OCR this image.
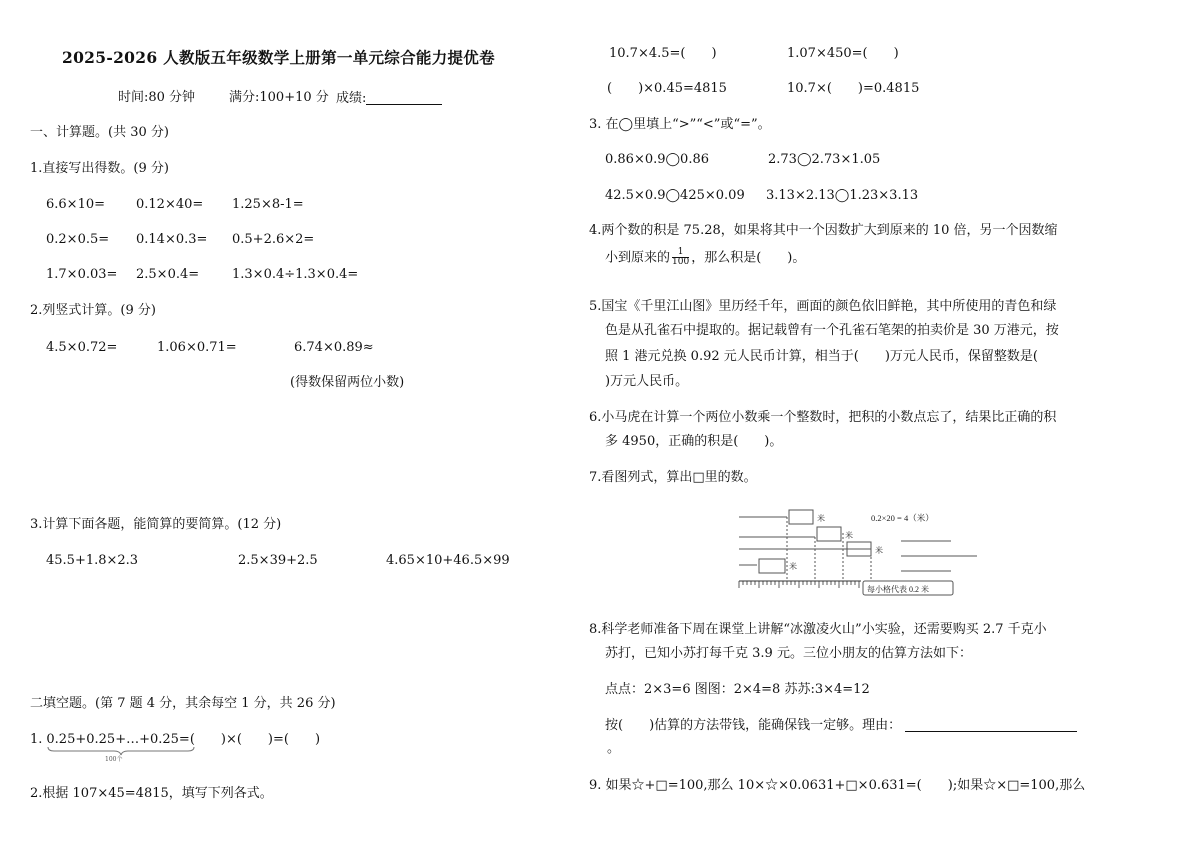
2025-2026 人教版五年级数学上册第一单元综合能力提优卷
时间:80 分钟	满分:100+10 分 成绩:
一、计算题。(共 30 分)
1.直接写出得数。(9 分)
6.6×10= 0.12×40= 1.25×8-1=
0.2×0.5= 0.14×0.3= 0.5+2.6×2=
1.7×0.03= 2.5×0.4=	1.3×0.4÷1.3×0.4=
2.列竖式计算。(9 分)
4.5×0.72=	1.06×0.71=	6.74×0.89≈
(得数保留两位小数)
3.计算下面各题，能简算的要简算。(12 分)
45.5+1.8×2.3	2.5×39+2.5	4.65×10+46.5×99
二填空题。(第 7 题 4 分，其余每空 1 分，共 26 分)
1. 0.25+0.25+…+0.25=(　　)×(　　)=(　　)
100个
2.根据 107×45=4815，填写下列各式。
10.7×4.5=(　　)	1.07×450=(　　)
(　　)×0.45=4815	10.7×(　　)=0.4815
3. 在◯里填上“>”“<”或“=”。
0.86×0.9◯0.86	2.73◯2.73×1.05
42.5×0.9◯425×0.09 3.13×2.13◯1.23×3.13
4.两个数的积是 75.28，如果将其中一个因数扩大到原来的 10 倍，另一个因数缩
小到原来的 $\frac{1}{100}$ ，那么积是(　　)。
5.国宝《千里江山图》里历经千年，画面的颜色依旧鲜艳，其中所使用的青色和绿
色是从孔雀石中提取的。据记载曾有一个孔雀石笔架的拍卖价是 30 万港元，按
照 1 港元兑换 0.92 元人民币计算，相当于(　　)万元人民币，保留整数是(
)万元人民币。
6.小马虎在计算一个两位小数乘一个整数时，把积的小数点忘了，结果比正确的积
多 4950，正确的积是(　　)。
7.看图列式，算出□里的数。
米
米
米
米
0.2×20 = 4（米）
每小格代表 0.2 米
8.科学老师准备下周在课堂上讲解“冰激凌火山”小实验，还需要购买 2.7 千克小
苏打，已知小苏打每千克 3.9 元。三位小朋友的估算方法如下：
点点：2×3=6 图图：2×4=8 苏苏:3×4=12
按(　　)估算的方法带钱，能确保钱一定够。理由：
。
9. 如果☆+□=100,那么 10×☆×0.0631+□×0.631=(　　);如果☆×□=100,那么
